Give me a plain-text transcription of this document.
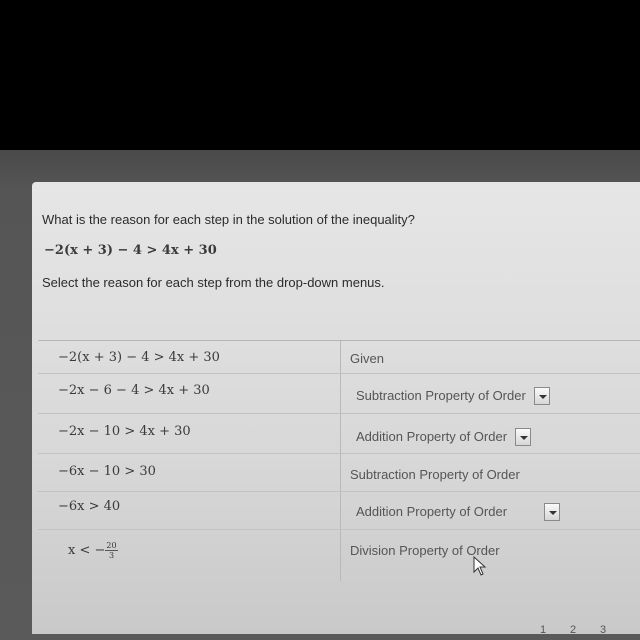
What is the reason for each step in the solution of the inequality?
−2(x + 3) − 4 > 4x + 30
Select the reason for each step from the drop-down menus.
−2(x + 3) − 4 > 4x + 30	Given
−2x − 6 − 4 > 4x + 30	Subtraction Property of Order
−2x − 10 > 4x + 30	Addition Property of Order
−6x − 10 > 30	Subtraction Property of Order
−6x > 40	Addition Property of Order
x < − $\frac{20}{3}$	Division Property of Order
1 2 3
